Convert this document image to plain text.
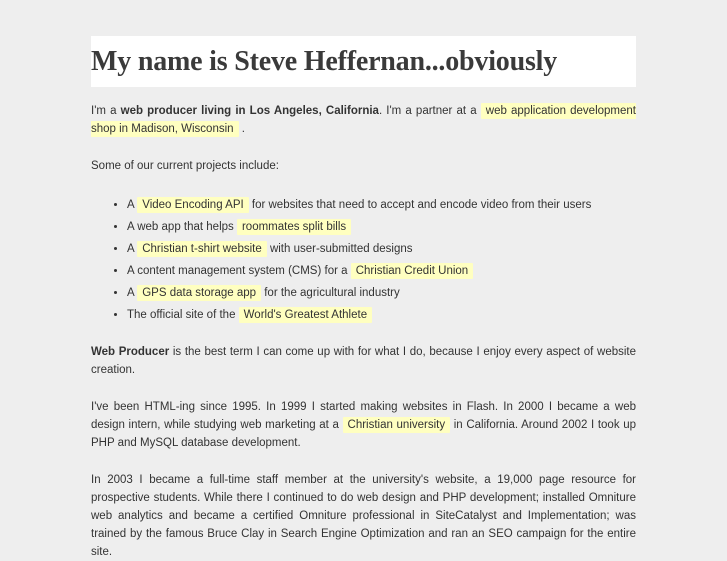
My name is Steve Heffernan...obviously

I'm a web producer living in Los Angeles, California. I'm a partner at a web application development shop in Madison, Wisconsin .

Some of our current projects include:

• A Video Encoding API for websites that need to accept and encode video from their users
• A web app that helps roommates split bills
• A Christian t-shirt website with user-submitted designs
• A content management system (CMS) for a Christian Credit Union
• A GPS data storage app for the agricultural industry
• The official site of the World's Greatest Athlete

Web Producer is the best term I can come up with for what I do, because I enjoy every aspect of website creation.

I've been HTML-ing since 1995. In 1999 I started making websites in Flash. In 2000 I became a web design intern, while studying web marketing at a Christian university in California. Around 2002 I took up PHP and MySQL database development.

In 2003 I became a full-time staff member at the university's website, a 19,000 page resource for prospective students. While there I continued to do web design and PHP development; installed Omniture web analytics and became a certified Omniture professional in SiteCatalyst and Implementation; was trained by the famous Bruce Clay in Search Engine Optimization and ran an SEO campaign for the entire site.
